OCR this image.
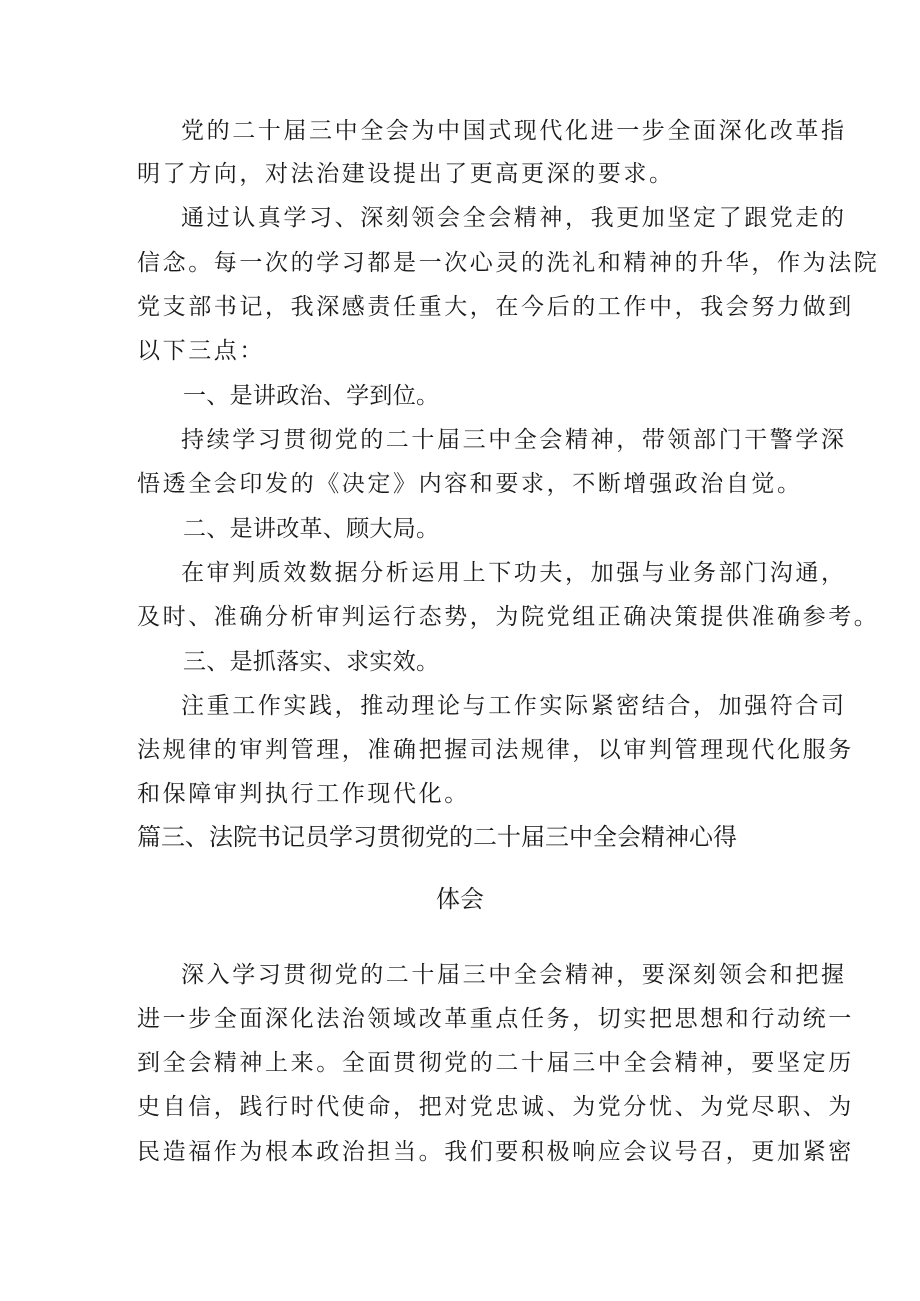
党的二十届三中全会为中国式现代化进一步全面深化改革指
明了方向，对法治建设提出了更高更深的要求。
通过认真学习、深刻领会全会精神，我更加坚定了跟党走的
信念。每一次的学习都是一次心灵的洗礼和精神的升华，作为法院
党支部书记，我深感责任重大，在今后的工作中，我会努力做到
以下三点：
一、是讲政治、学到位。
持续学习贯彻党的二十届三中全会精神，带领部门干警学深
悟透全会印发的《决定》内容和要求，不断增强政治自觉。
二、是讲改革、顾大局。
在审判质效数据分析运用上下功夫，加强与业务部门沟通，
及时、准确分析审判运行态势，为院党组正确决策提供准确参考。
三、是抓落实、求实效。
注重工作实践，推动理论与工作实际紧密结合，加强符合司
法规律的审判管理，准确把握司法规律，以审判管理现代化服务
和保障审判执行工作现代化。
篇三、法院书记员学习贯彻党的二十届三中全会精神心得
体会
深入学习贯彻党的二十届三中全会精神，要深刻领会和把握
进一步全面深化法治领域改革重点任务，切实把思想和行动统一
到全会精神上来。全面贯彻党的二十届三中全会精神，要坚定历
史自信，践行时代使命，把对党忠诚、为党分忧、为党尽职、为
民造福作为根本政治担当。我们要积极响应会议号召，更加紧密
